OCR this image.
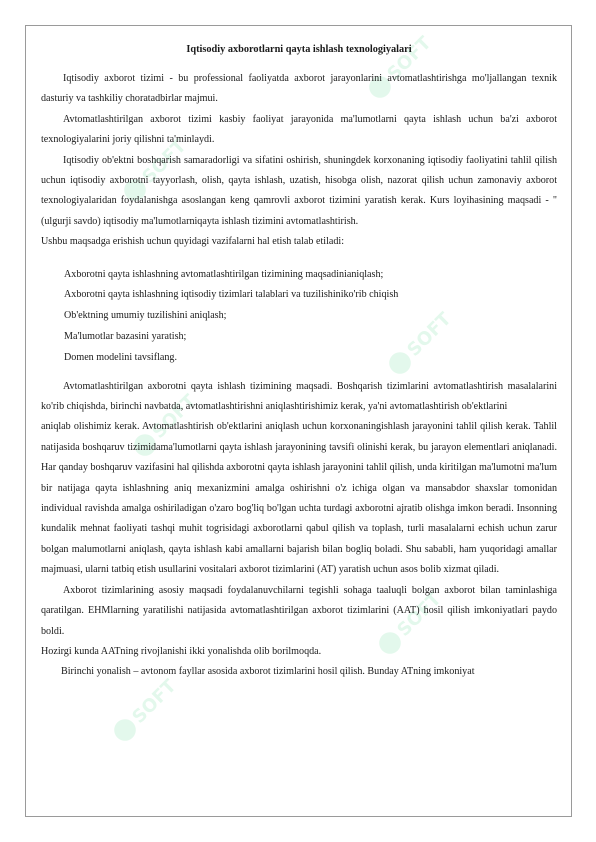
SOFT
SOFT
SOFT
SOFT
SOFT
SOFT
Iqtisodiy axborotlarni qayta ishlash texnologiyalari

Iqtisodiy axborot tizimi - bu professional faoliyatda axborot jarayonlarini avtomatlashtirishga mo'ljallangan texnik dasturiy va tashkiliy choratadbirlar majmui.

Avtomatlashtirilgan axborot tizimi kasbiy faoliyat jarayonida ma'lumotlarni qayta ishlash uchun ba'zi axborot texnologiyalarini joriy qilishni ta'minlaydi.

Iqtisodiy ob'ektni boshqarish samaradorligi va sifatini oshirish, shuningdek korxonaning iqtisodiy faoliyatini tahlil qilish uchun iqtisodiy axborotni tayyorlash, olish, qayta ishlash, uzatish, hisobga olish, nazorat qilish uchun zamonaviy axborot texnologiyalaridan foydalanishga asoslangan keng qamrovli axborot tizimini yaratish kerak. Kurs loyihasining maqsadi - " (ulgurji savdo) iqtisodiy ma'lumotlarniqayta ishlash tizimini avtomatlashtirish.

Ushbu maqsadga erishish uchun quyidagi vazifalarni hal etish talab etiladi:

Axborotni qayta ishlashning avtomatlashtirilgan tizimining maqsadinianiqlash;
Axborotni qayta ishlashning iqtisodiy tizimlari talablari va tuzilishiniko'rib chiqish
Ob'ektning umumiy tuzilishini aniqlash;
Ma'lumotlar bazasini yaratish;
Domen modelini tavsiflang.

Avtomatlashtirilgan axborotni qayta ishlash tizimining maqsadi. Boshqarish tizimlarini avtomatlashtirish masalalarini ko'rib chiqishda, birinchi navbatda, avtomatlashtirishni aniqlashtirishimiz kerak, ya'ni avtomatlashtirish ob'ektlarini

aniqlab olishimiz kerak. Avtomatlashtirish ob'ektlarini aniqlash uchun korxonaningishlash jarayonini tahlil qilish kerak. Tahlil natijasida boshqaruv tizimidama'lumotlarni qayta ishlash jarayonining tavsifi olinishi kerak, bu jarayon elementlari aniqlanadi. Har qanday boshqaruv vazifasini hal qilishda axborotni qayta ishlash jarayonini tahlil qilish, unda kiritilgan ma'lumotni ma'lum bir natijaga qayta ishlashning aniq mexanizmini amalga oshirishni o'z ichiga olgan va mansabdor shaxslar tomonidan individual ravishda amalga oshiriladigan o'zaro bog'liq bo'lgan uchta turdagi axborotni ajratib olishga imkon beradi. Insonning kundalik mehnat faoliyati tashqi muhit togrisidagi axborotlarni qabul qilish va toplash, turli masalalarni echish uchun zarur bolgan malumotlarni aniqlash, qayta ishlash kabi amallarni bajarish bilan bogliq boladi. Shu sababli, ham yuqoridagi amallar majmuasi, ularni tatbiq etish usullarini vositalari axborot tizimlarini (AT) yaratish uchun asos bolib xizmat qiladi.

Axborot tizimlarining asosiy maqsadi foydalanuvchilarni tegishli sohaga taaluqli bolgan axborot bilan taminlashiga qaratilgan. EHMlarning yaratilishi natijasida avtomatlashtirilgan axborot tizimlarini (AAT) hosil qilish imkoniyatlari paydo boldi.

Hozirgi kunda AATning rivojlanishi ikki yonalishda olib borilmoqda.

Birinchi yonalish – avtonom fayllar asosida axborot tizimlarini hosil qilish. Bunday ATning imkoniyat
